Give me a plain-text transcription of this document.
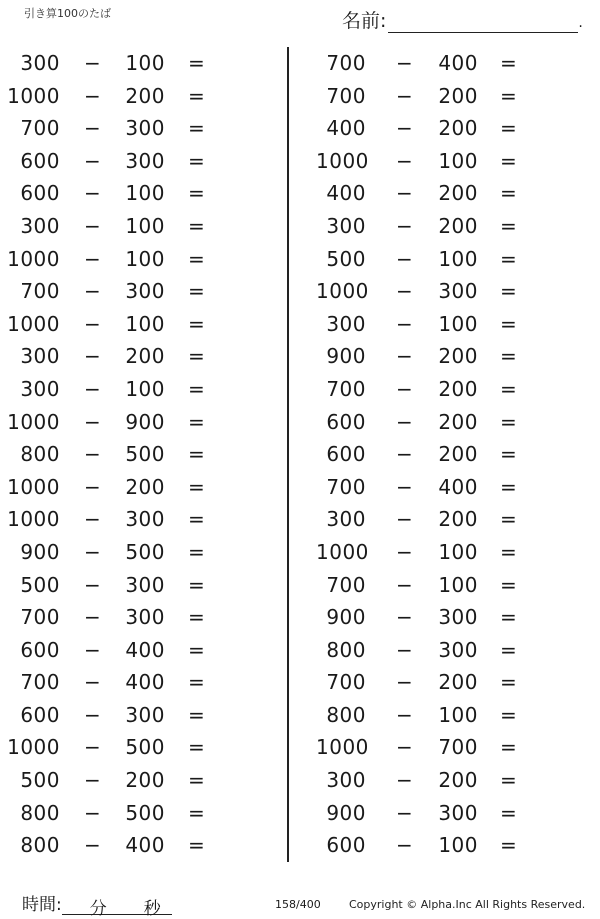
引き算100のたば	名前:	.
300 − 100 =
1000 − 200 =
700 − 300 =
600 − 300 =
600 − 100 =
300 − 100 =
1000 − 100 =
700 − 300 =
1000 − 100 =
300 − 200 =
300 − 100 =
1000 − 900 =
800 − 500 =
1000 − 200 =
1000 − 300 =
900 − 500 =
500 − 300 =
700 − 300 =
600 − 400 =
700 − 400 =
600 − 300 =
1000 − 500 =
500 − 200 =
800 − 500 =
800 − 400 =
700 − 400 =
700 − 200 =
400 − 200 =
1000 − 100 =
400 − 200 =
300 − 200 =
500 − 100 =
1000 − 300 =
300 − 100 =
900 − 200 =
700 − 200 =
600 − 200 =
600 − 200 =
700 − 400 =
300 − 200 =
1000 − 100 =
700 − 100 =
900 − 300 =
800 − 300 =
700 − 200 =
800 − 100 =
1000 − 700 =
300 − 200 =
900 − 300 =
600 − 100 =
時間: 分 秒	158/400	Copyright © Alpha.Inc All Rights Reserved.
